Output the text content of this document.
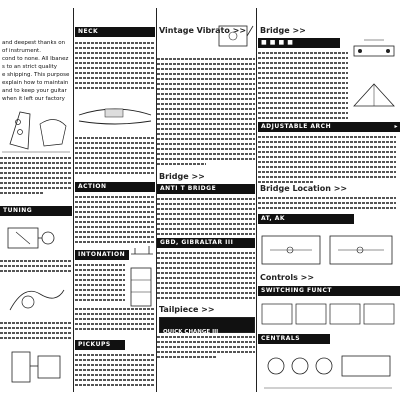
and deepest thanks on
of instrument.
cond to none. All Ibanez
s to an strict quality
e shipping. This purpose
explain how to maintain
and to keep your guitar
when it left our factory
TUNING MACHINES
NECK
ACTION
INTONATION
PICKUPS
Vintage Vibrato >>
Bridge >>
ANTI T BRIDGE
GBD, GIBRALTAR III
Tailpiece >>
QUICK CHANGE III
Bridge >>
■ ■ ■ ■
ADJUSTABLE ARCH	▸
Bridge Location >>
AT, AK
Controls >>
SWITCHING FUNCT
CENTRALS
